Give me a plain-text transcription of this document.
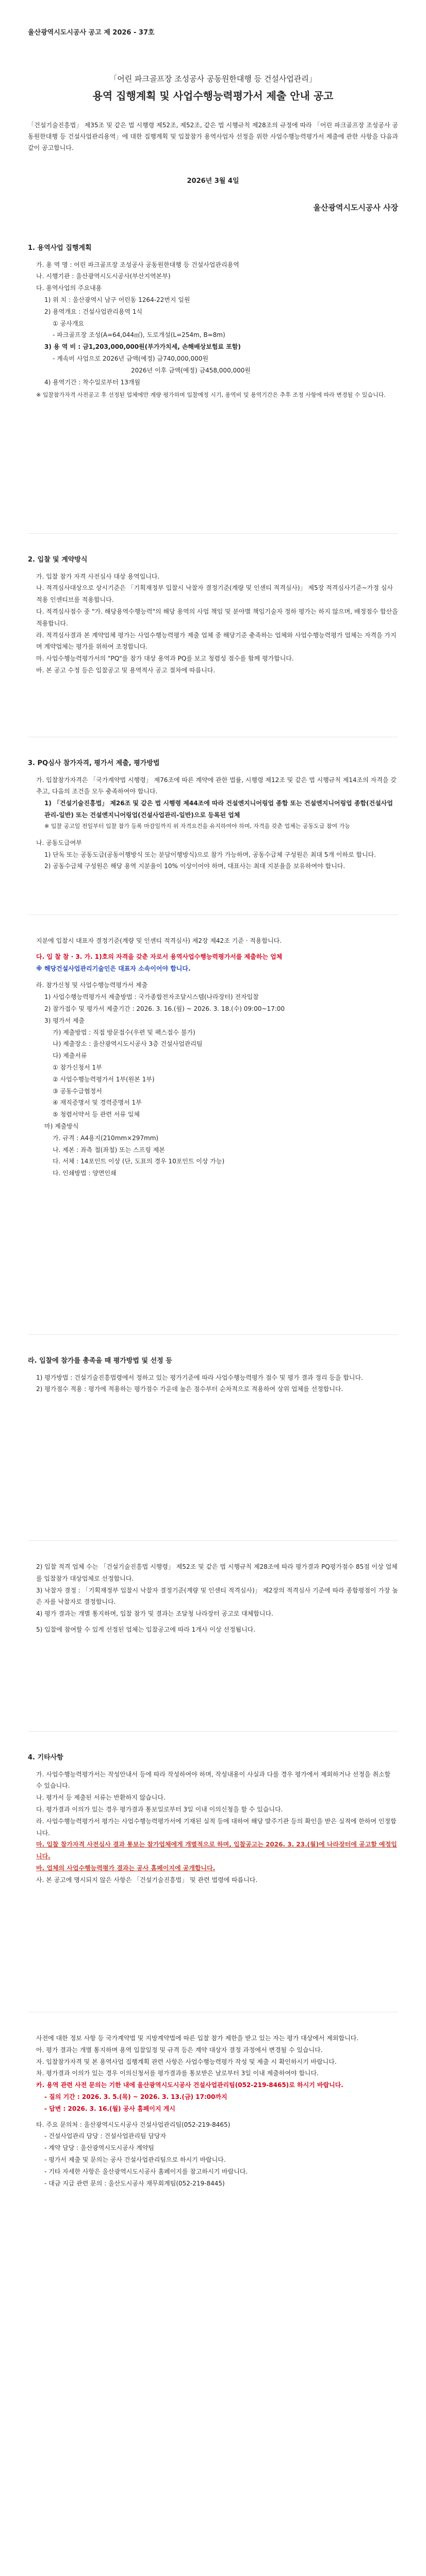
울산광역시도시공사 공고 제 2026 - 37호
「어린 파크골프장 조성공사 공동원한대행 등 건설사업관리」
용역 집행계획 및 사업수행능력평가서 제출 안내 공고
「건설기술진흥법」 제35조 및 같은 법 시행령 제52조, 제52조, 같은 법 시행규칙 제28조의 규정에 따라 「어린 파크골프장 조성공사 공동원한대행 등 건설사업관리용역」에 대한 집행계획 및 입찰참가 용역사업자 선정을 위한 사업수행능력평가서 제출에 관한 사항을 다음과 같이 공고합니다.
2026년 3월 4일
울산광역시도시공사 사장
1. 용역사업 집행계획

가. 용 역 명 : 어린 파크골프장 조성공사 공동원한대행 등 건설사업관리용역

나. 시행기관 : 울산광역시도시공사(부산지역본부)

다. 용역사업의 주요내용

1) 위 치 : 울산광역시 남구 어린동 1264-22번지 일원

2) 용역개요 : 건설사업관리용역 1식

① 공사개요

- 파크골프장 조성(A=64,044㎡), 도로개설(L=254m, B=8m)

3) 용 역 비 : 금1,203,000,000원(부가가치세, 손해배상보험료 포함)

- 계속비 사업으로 2026년 금액(예정) 금740,000,000원

2026년 이후 금액(예정) 금458,000,000원

4) 용역기간 : 착수일로부터 13개월

※ 입찰참가자격 사전공고 후 선정된 업체에만 계량 평가하며 입찰예정 시기, 용역비 및 용역기간은 추후 조정 사항에 따라 변경될 수 있습니다.

2. 입찰 및 계약방식

가. 입찰 참가 자격 사전심사 대상 용역입니다.

나. 적격심사대상으로 상시기준은 「기획재정부 입찰시 낙찰자 결정기준(계량 및 인센티 적격심사)」 제5장 적격심사기준~가정 심사 적용 인센티브를 적용합니다.

다. 적격심사점수 중 "가. 해당용역수행능력"의 해당 용역의 사업 책임 및 분야별 책임기술자 정하 평가는 하지 않으며, 배정점수 합산을 적용합니다.

라. 적격심사결과 본 계약업체 평가는 사업수행능력평가 제출 업체 중 해당기준 충족하는 업체와 사업수행능력평가 업체는 자격을 가지며 계약업체는 평가를 위하여 조정합니다.

마. 사업수행능력평가서의 "PQ"를 참가 대상 용역과 PQ를 보고 청렴성 점수를 함께 평가합니다.

바. 본 공고 수정 등은 입찰공고 및 용역적사 공고 절차에 따릅니다.

3. PQ심사 참가자격, 평가서 제출, 평가방법

가. 입찰참가자격은 「국가계약법 시행령」 제76조에 따른 계약에 관한 법률, 시행령 제12조 및 같은 법 시행규칙 제14조의 자격을 갖추고, 다음의 조건을 모두 충족하여야 합니다.

1) 「건설기술진흥법」 제26조 및 같은 법 시행령 제44조에 따라 건설엔지니어링업 종합 또는 건설엔지니어링업 종합(건설사업관리-일반) 또는 건설엔지니어링업(건설사업관리-일반)으로 등록된 업체

※ 입찰 공고일 전일부터 입찰 참가 등록 마감일까지 위 자격요건을 유지하여야 하며, 자격을 갖춘 업체는 공동도급 참여 가능

나. 공동도급여부

1) 단독 또는 공동도급(공동이행방식 또는 분담이행방식)으로 참가 가능하며, 공동수급체 구성원은 최대 5개 이하로 합니다.

2) 공동수급체 구성원은 해당 용역 지분율이 10% 이상이어야 하며, 대표사는 최대 지분율을 보유하여야 합니다.

지분에 입찰시 대표자 결정기준(계량 및 인센티 적격심사) 제2장 제42조 기준 · 적용합니다.

다. 입 찰 참 · 3. 가. 1)호의 자격을 갖춘 자로서 용역사업수행능력평가서를 제출하는 업체

※ 해당건설사업관리기술인은 대표자 소속이어야 합니다.

라. 참가신청 및 사업수행능력평가서 제출

1) 사업수행능력평가서 제출방법 : 국가종합전자조달시스템(나라장터) 전자입찰

2) 참가접수 및 평가서 제출기간 : 2026. 3. 16.(월) ~ 2026. 3. 18.(수) 09:00~17:00

3) 평가서 제출

가) 제출방법 : 직접 방문접수(우편 및 팩스접수 불가)

나) 제출장소 : 울산광역시도시공사 3층 건설사업관리팀

다) 제출서류

① 참가신청서 1부

② 사업수행능력평가서 1부(원본 1부)

③ 공동수급협정서

④ 재직증명서 및 경력증명서 1부

⑤ 청렴서약서 등 관련 서류 일체

마) 제출방식

가. 규격 : A4용지(210mm×297mm)

나. 제본 : 좌측 철(좌철) 또는 스프링 제본

다. 서체 : 14포인트 이상 (단, 도표의 경우 10포인트 이상 가능)

다. 인쇄방법 : 양면인쇄

라. 입찰에 참가를 총족을 때 평가방법 및 선정 등

1) 평가방법 : 건설기술진흥법령에서 정하고 있는 평가기준에 따라 사업수행능력평가 점수 및 평가 결과 정리 등을 합니다.

2) 평가점수 적용 : 평가에 적용하는 평가점수 가운데 높은 점수부터 순차적으로 적용하여 상위 업체를 선정합니다.

2) 입찰 적격 업체 수는 「건설기술진흥법 시행령」 제52조 및 같은 법 시행규칙 제28조에 따라 평가결과 PQ평가점수 85점 이상 업체를 입찰참가 대상업체로 선정합니다.

3) 낙찰자 결정 : 「기획재정부 입찰시 낙찰자 결정기준(계량 및 인센티 적격심사)」 제2장의 적격심사 기준에 따라 종합평점이 가장 높은 자를 낙찰자로 결정합니다.

4) 평가 결과는 개별 통지하며, 입찰 참가 및 결과는 조달청 나라장터 공고로 대체합니다.

5) 입찰에 참여할 수 있게 선정된 업체는 입찰공고에 따라 1개사 이상 선정됩니다.

4. 기타사항

가. 사업수행능력평가서는 작성안내서 등에 따라 작성하여야 하며, 작성내용이 사실과 다를 경우 평가에서 제외하거나 선정을 취소할 수 있습니다.

나. 평가서 등 제출된 서류는 반환하지 않습니다.

다. 평가결과 이의가 있는 경우 평가결과 통보일로부터 3일 이내 이의신청을 할 수 있습니다.

라. 사업수행능력평가서 평가는 사업수행능력평가서에 기재된 실적 등에 대하여 해당 발주기관 등의 확인을 받은 실적에 한하여 인정합니다.

마. 입찰 참가자격 사전심사 결과 통보는 참가업체에게 개별적으로 하며, 입찰공고는 2026. 3. 23.(월)에 나라장터에 공고할 예정입니다.

바. 업체의 사업수행능력평가 결과는 공사 홈페이지에 공개합니다.

사. 본 공고에 명시되지 않은 사항은 「건설기술진흥법」 및 관련 법령에 따릅니다.

사전에 대한 정보 사항 등 국가계약법 및 지방계약법에 따른 입찰 참가 제한을 받고 있는 자는 평가 대상에서 제외합니다.

아. 평가 결과는 개별 통지하며 용역 입찰일정 및 규격 등은 계약 대상자 결정 과정에서 변경될 수 있습니다.

자. 입찰참가자격 및 본 용역사업 집행계획 관련 사항은 사업수행능력평가 작성 및 제출 시 확인하시기 바랍니다.

차. 평가결과 이의가 있는 경우 이의신청서를 평가결과를 통보받은 날로부터 3일 이내 제출하여야 합니다.

카. 용역 관련 사전 문의는 기한 내에 울산광역시도시공사 건설사업관리팀(052-219-8465)로 하시기 바랍니다.

- 질의 기간 : 2026. 3. 5.(목) ~ 2026. 3. 13.(금) 17:00까지

- 답변 : 2026. 3. 16.(월) 공사 홈페이지 게시

타. 주요 문의처 : 울산광역시도시공사 건설사업관리팀(052-219-8465)

- 건설사업관리 담당 : 건설사업관리팀 담당자

- 계약 담당 : 울산광역시도시공사 계약팀

- 평가서 제출 및 문의는 공사 건설사업관리팀으로 하시기 바랍니다.

- 기타 자세한 사항은 울산광역시도시공사 홈페이지를 참고하시기 바랍니다.

- 대금 지급 관련 문의 : 울산도시공사 재무회계팀(052-219-8445)
